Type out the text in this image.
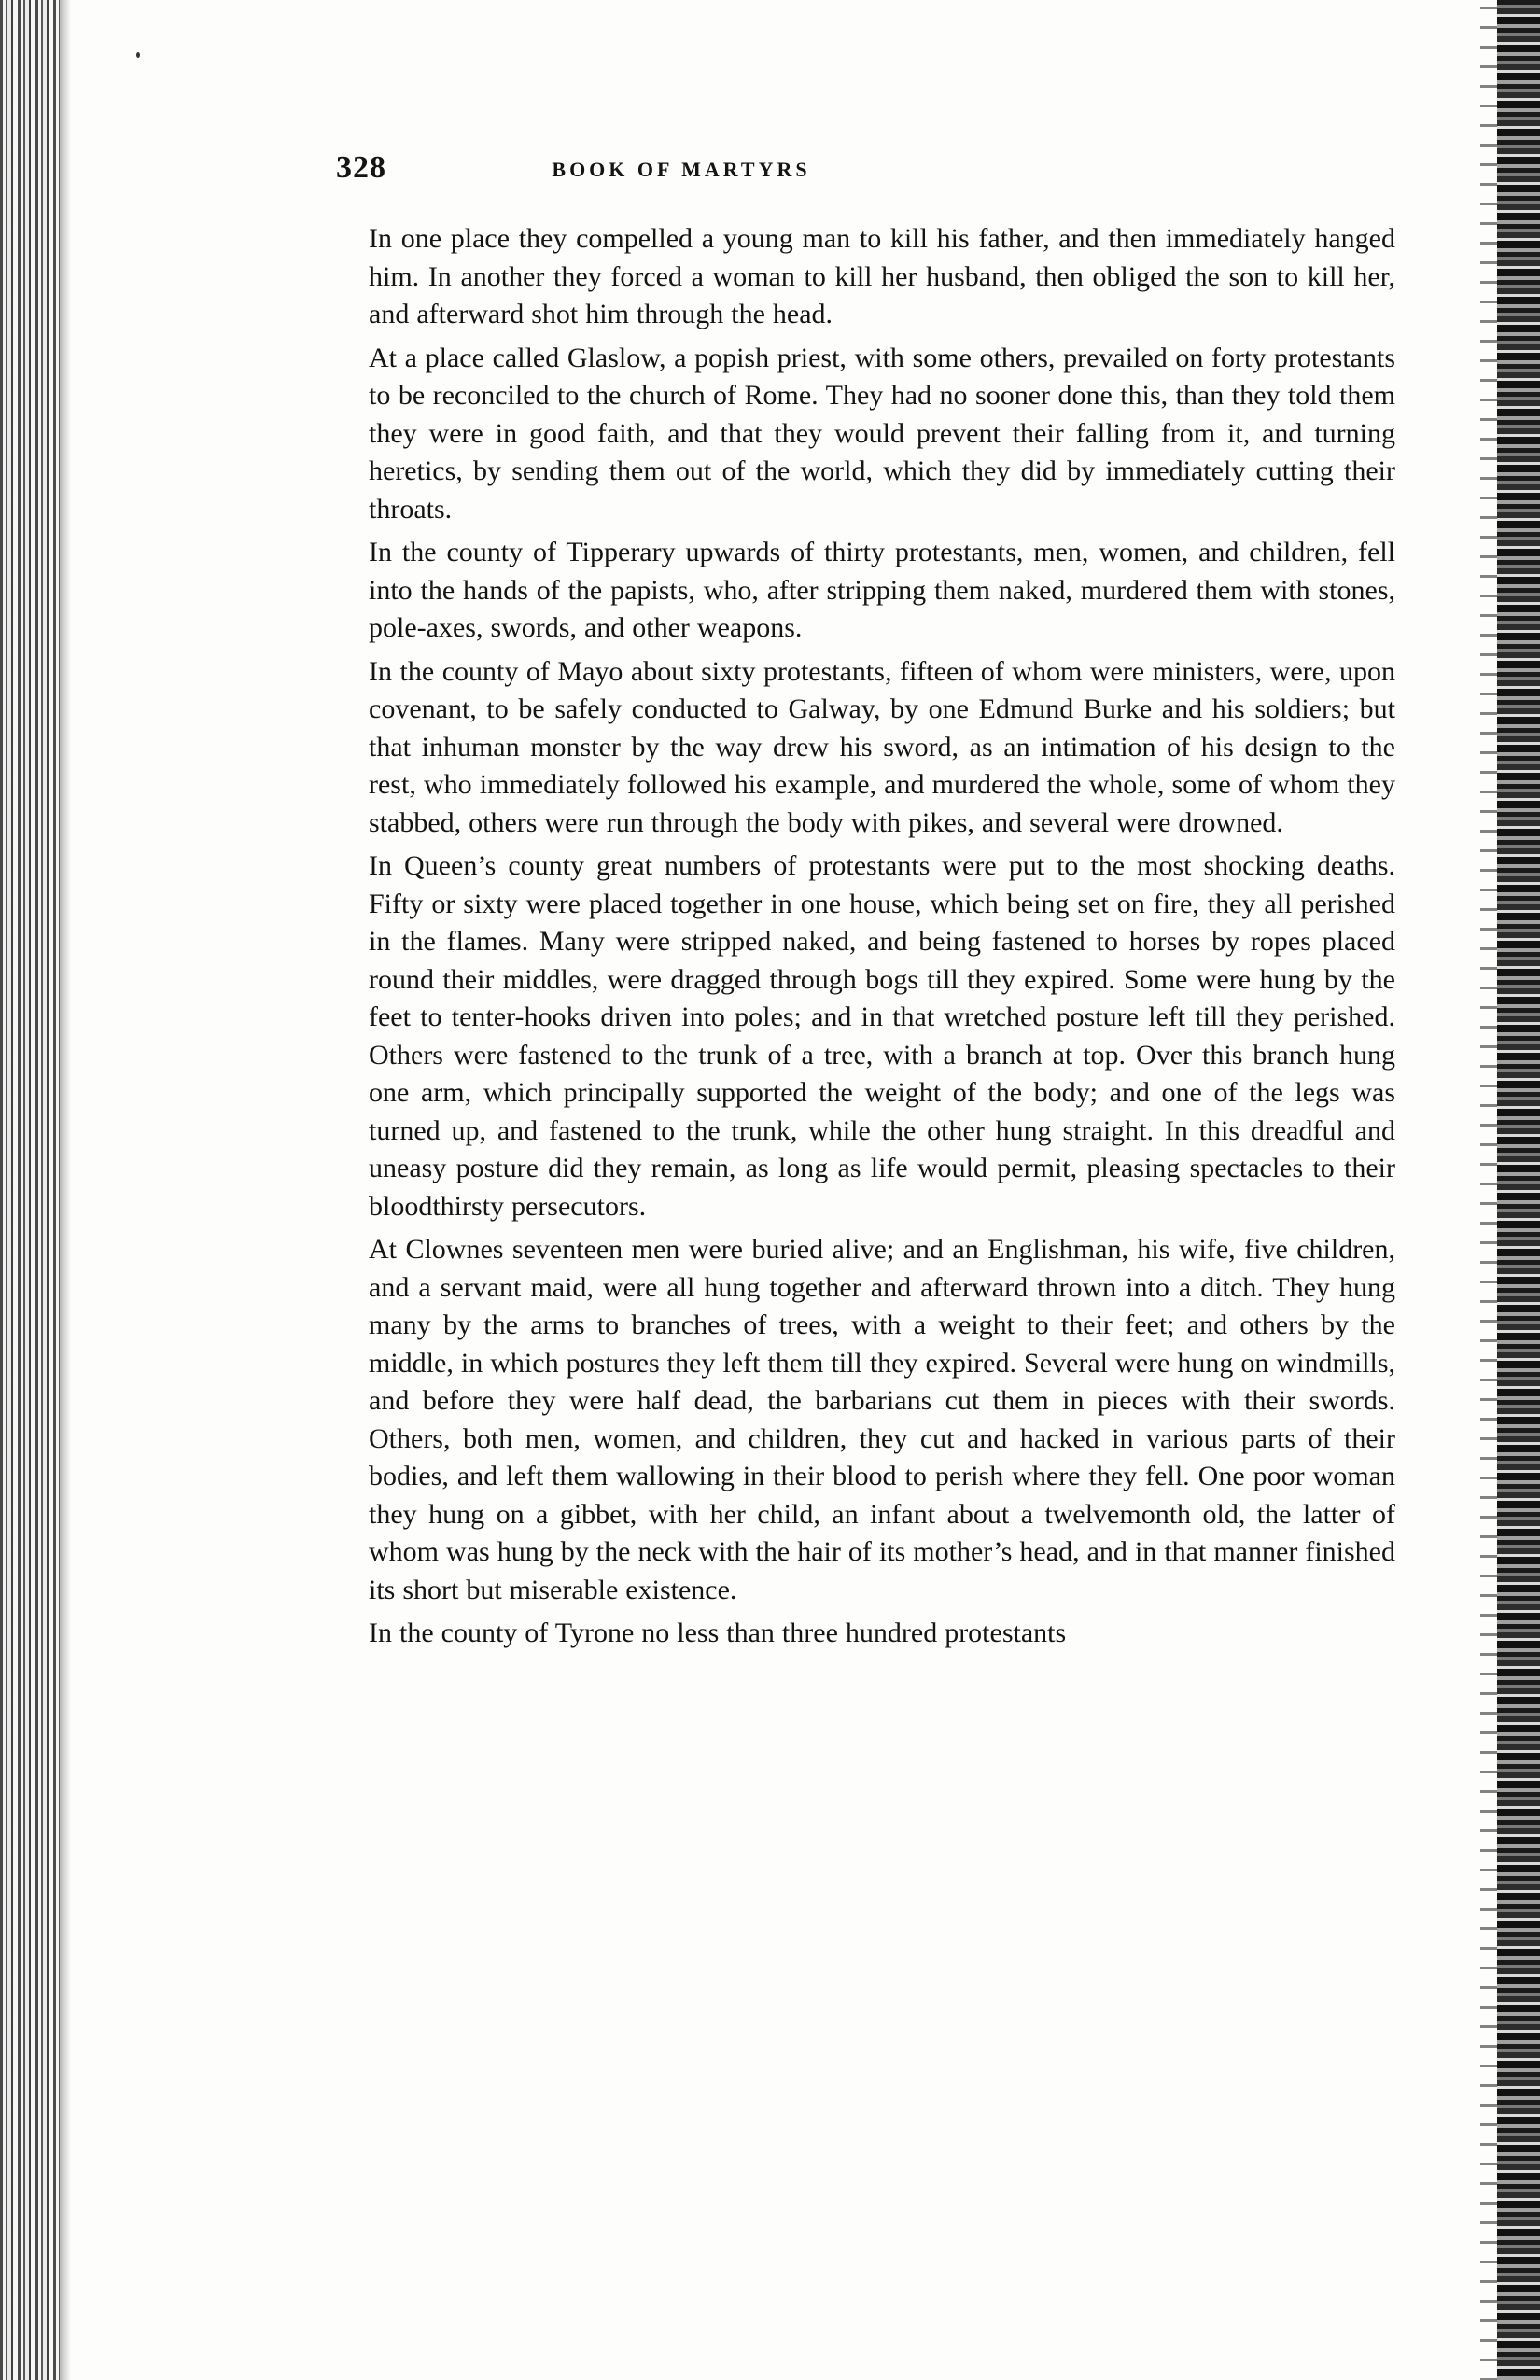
328	BOOK OF MARTYRS

In one place they compelled a young man to kill his father, and then immediately hanged him. In another they forced a woman to kill her husband, then obliged the son to kill her, and afterward shot him through the head.

At a place called Glaslow, a popish priest, with some others, prevailed on forty protestants to be reconciled to the church of Rome. They had no sooner done this, than they told them they were in good faith, and that they would prevent their falling from it, and turning heretics, by sending them out of the world, which they did by immediately cutting their throats.

In the county of Tipperary upwards of thirty protestants, men, women, and children, fell into the hands of the papists, who, after stripping them naked, murdered them with stones, pole-axes, swords, and other weapons.

In the county of Mayo about sixty protestants, fifteen of whom were ministers, were, upon covenant, to be safely conducted to Galway, by one Edmund Burke and his soldiers; but that inhuman monster by the way drew his sword, as an intimation of his design to the rest, who immediately followed his example, and murdered the whole, some of whom they stabbed, others were run through the body with pikes, and several were drowned.

In Queen’s county great numbers of protestants were put to the most shocking deaths. Fifty or sixty were placed together in one house, which being set on fire, they all perished in the flames. Many were stripped naked, and being fastened to horses by ropes placed round their middles, were dragged through bogs till they expired. Some were hung by the feet to tenter-hooks driven into poles; and in that wretched posture left till they perished. Others were fastened to the trunk of a tree, with a branch at top. Over this branch hung one arm, which principally supported the weight of the body; and one of the legs was turned up, and fastened to the trunk, while the other hung straight. In this dreadful and uneasy posture did they remain, as long as life would permit, pleasing spectacles to their bloodthirsty persecutors.

At Clownes seventeen men were buried alive; and an Englishman, his wife, five children, and a servant maid, were all hung together and afterward thrown into a ditch. They hung many by the arms to branches of trees, with a weight to their feet; and others by the middle, in which postures they left them till they expired. Several were hung on windmills, and before they were half dead, the barbarians cut them in pieces with their swords. Others, both men, women, and children, they cut and hacked in various parts of their bodies, and left them wallowing in their blood to perish where they fell. One poor woman they hung on a gibbet, with her child, an infant about a twelvemonth old, the latter of whom was hung by the neck with the hair of its mother’s head, and in that manner finished its short but miserable existence.

In the county of Tyrone no less than three hundred protestants
